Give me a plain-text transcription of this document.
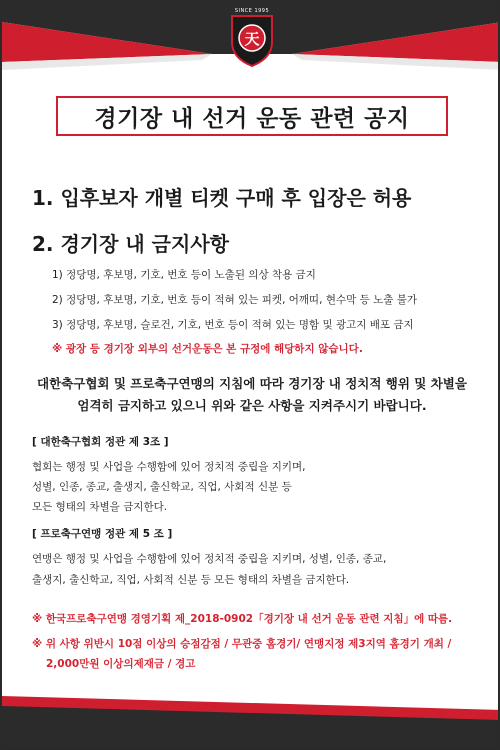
天
SINCE 1995
경기장 내 선거 운동 관련 공지
1. 입후보자 개별 티켓 구매 후 입장은 허용
2. 경기장 내 금지사항
1) 정당명, 후보명, 기호, 번호 등이 노출된 의상 착용 금지
2) 정당명, 후보명, 기호, 번호 등이 적혀 있는 피켓, 어깨띠, 현수막 등 노출 불가
3) 정당명, 후보명, 슬로건, 기호, 번호 등이 적혀 있는 명함 및 광고지 배포 금지
※ 광장 등 경기장 외부의 선거운동은 본 규정에 해당하지 않습니다.
대한축구협회 및 프로축구연맹의 지침에 따라 경기장 내 정치적 행위 및 차별을
엄격히 금지하고 있으니 위와 같은 사항을 지켜주시기 바랍니다.
[ 대한축구협회 정관 제 3조 ]
협회는 행정 및 사업을 수행함에 있어 정치적 중립을 지키며,
성별, 인종, 종교, 출생지, 출신학교, 직업, 사회적 신분 등
모든 형태의 차별을 금지한다.
[ 프로축구연맹 정관 제 5 조 ]
연맹은 행정 및 사업을 수행함에 있어 정치적 중립을 지키며, 성별, 인종, 종교,
출생지, 출신학교, 직업, 사회적 신분 등 모든 형태의 차별을 금지한다.
※ 한국프로축구연맹 경영기획 제_2018-0902「경기장 내 선거 운동 관련 지침」에 따름.
※ 위 사항 위반시 10점 이상의 승점감점 / 무관중 홈경기/ 연맹지정 제3지역 홈경기 개최 /
2,000만원 이상의제재금 / 경고
